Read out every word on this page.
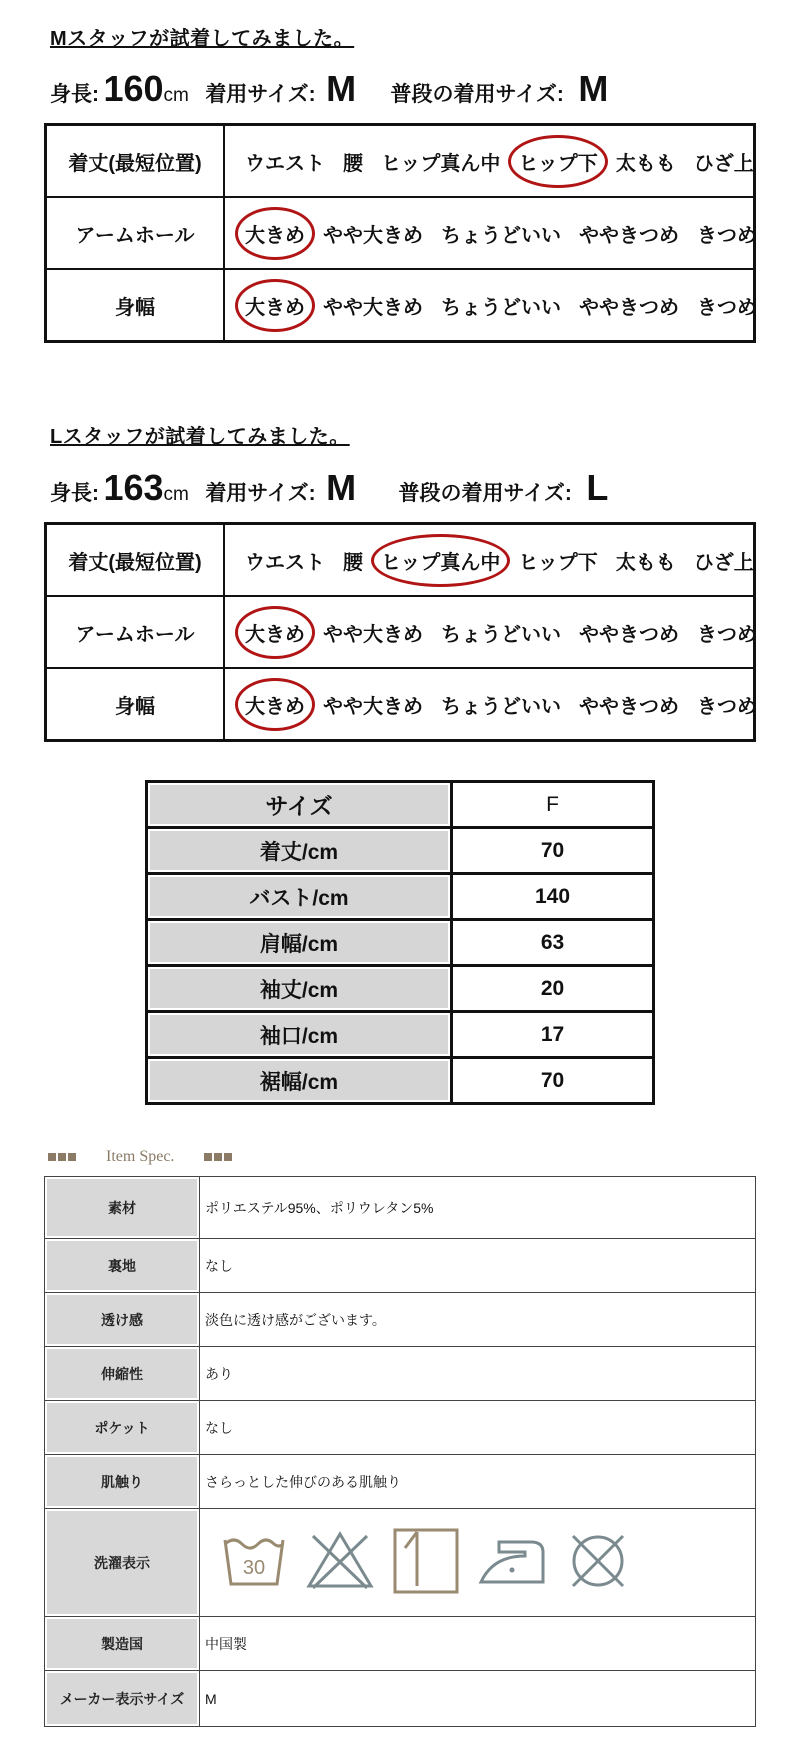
Mスタッフが試着してみました。
身長: 160cm 着用サイズ: M 普段の着用サイズ: M
着丈(最短位置)	ウエスト 腰 ヒップ真ん中 ヒップ下 太もも ひざ上
アームホール	大きめ やや大きめ ちょうどいい ややきつめ きつめ
身幅	大きめ やや大きめ ちょうどいい ややきつめ きつめ
Lスタッフが試着してみました。
身長: 163cm 着用サイズ: M 普段の着用サイズ: L
着丈(最短位置)	ウエスト 腰 ヒップ真ん中 ヒップ下 太もも ひざ上
アームホール	大きめ やや大きめ ちょうどいい ややきつめ きつめ
身幅	大きめ やや大きめ ちょうどいい ややきつめ きつめ
サイズ	F
着丈/cm	70
バスト/cm	140
肩幅/cm	63
袖丈/cm	20
袖口/cm	17
裾幅/cm	70
Item Spec.
素材	ポリエステル95%、ポリウレタン5%
裏地	なし
透け感	淡色に透け感がございます。
伸縮性	あり
ポケット	なし
肌触り	さらっとした伸びのある肌触り
洗濯表示	30

製造国	中国製
メーカー表示サイズ	M
